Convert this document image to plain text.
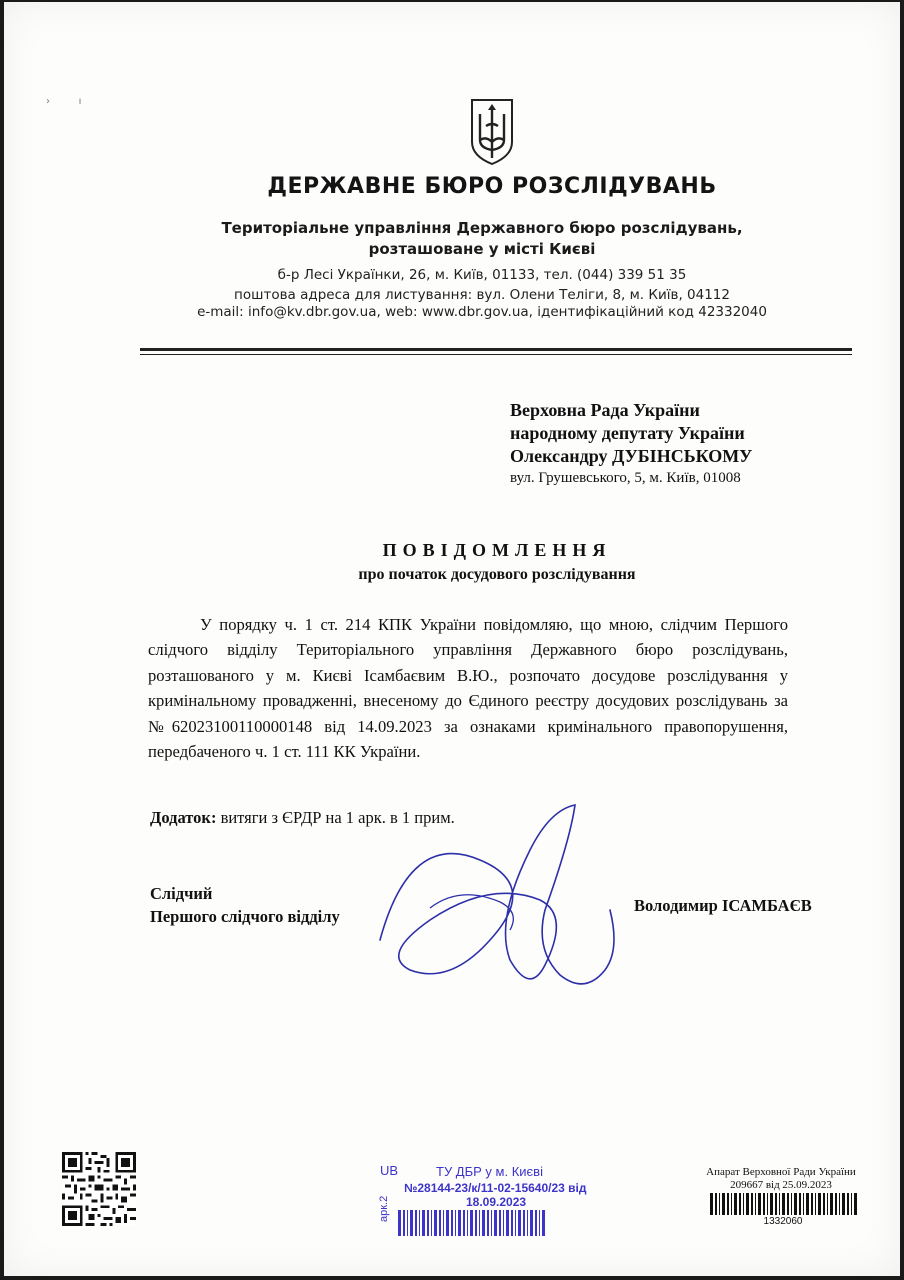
›         ı
ДЕРЖАВНЕ БЮРО РОЗСЛІДУВАНЬ
Територіальне управління Державного бюро розслідувань,
розташоване у місті Києві
б-р Лесі Українки, 26, м. Київ, 01133, тел. (044) 339 51 35
поштова адреса для листування: вул. Олени Теліги, 8, м. Київ, 04112
e-mail: info@kv.dbr.gov.ua, web: www.dbr.gov.ua, ідентифікаційний код 42332040
Верховна Рада України
народному депутату України
Олександру ДУБІНСЬКОМУ
вул. Грушевського, 5, м. Київ, 01008
ПОВІДОМЛЕННЯ
про початок досудового розслідування
У порядку ч. 1 ст. 214 КПК України повідомляю, що мною, слідчим Першого слідчого відділу Територіального управління Державного бюро розслідувань, розташованого у м. Києві Ісамбаєвим В.Ю., розпочато досудове розслідування у кримінальному провадженні, внесеному до Єдиного реєстру досудових розслідувань за №62023100110000148 від 14.09.2023 за ознаками кримінального правопорушення, передбаченого ч. 1 ст. 111 КК України.
Додаток: витяги з ЄРДР на 1 арк. в 1 прим.
Слідчий
Першого слідчого відділу
Володимир ІСАМБАЄВ
UB	ТУ ДБР у м. Києві
№28144-23/к/11-02-15640/23 від
18.09.2023
арк.2
Апарат Верховної Ради України
209667 від 25.09.2023
1332060
